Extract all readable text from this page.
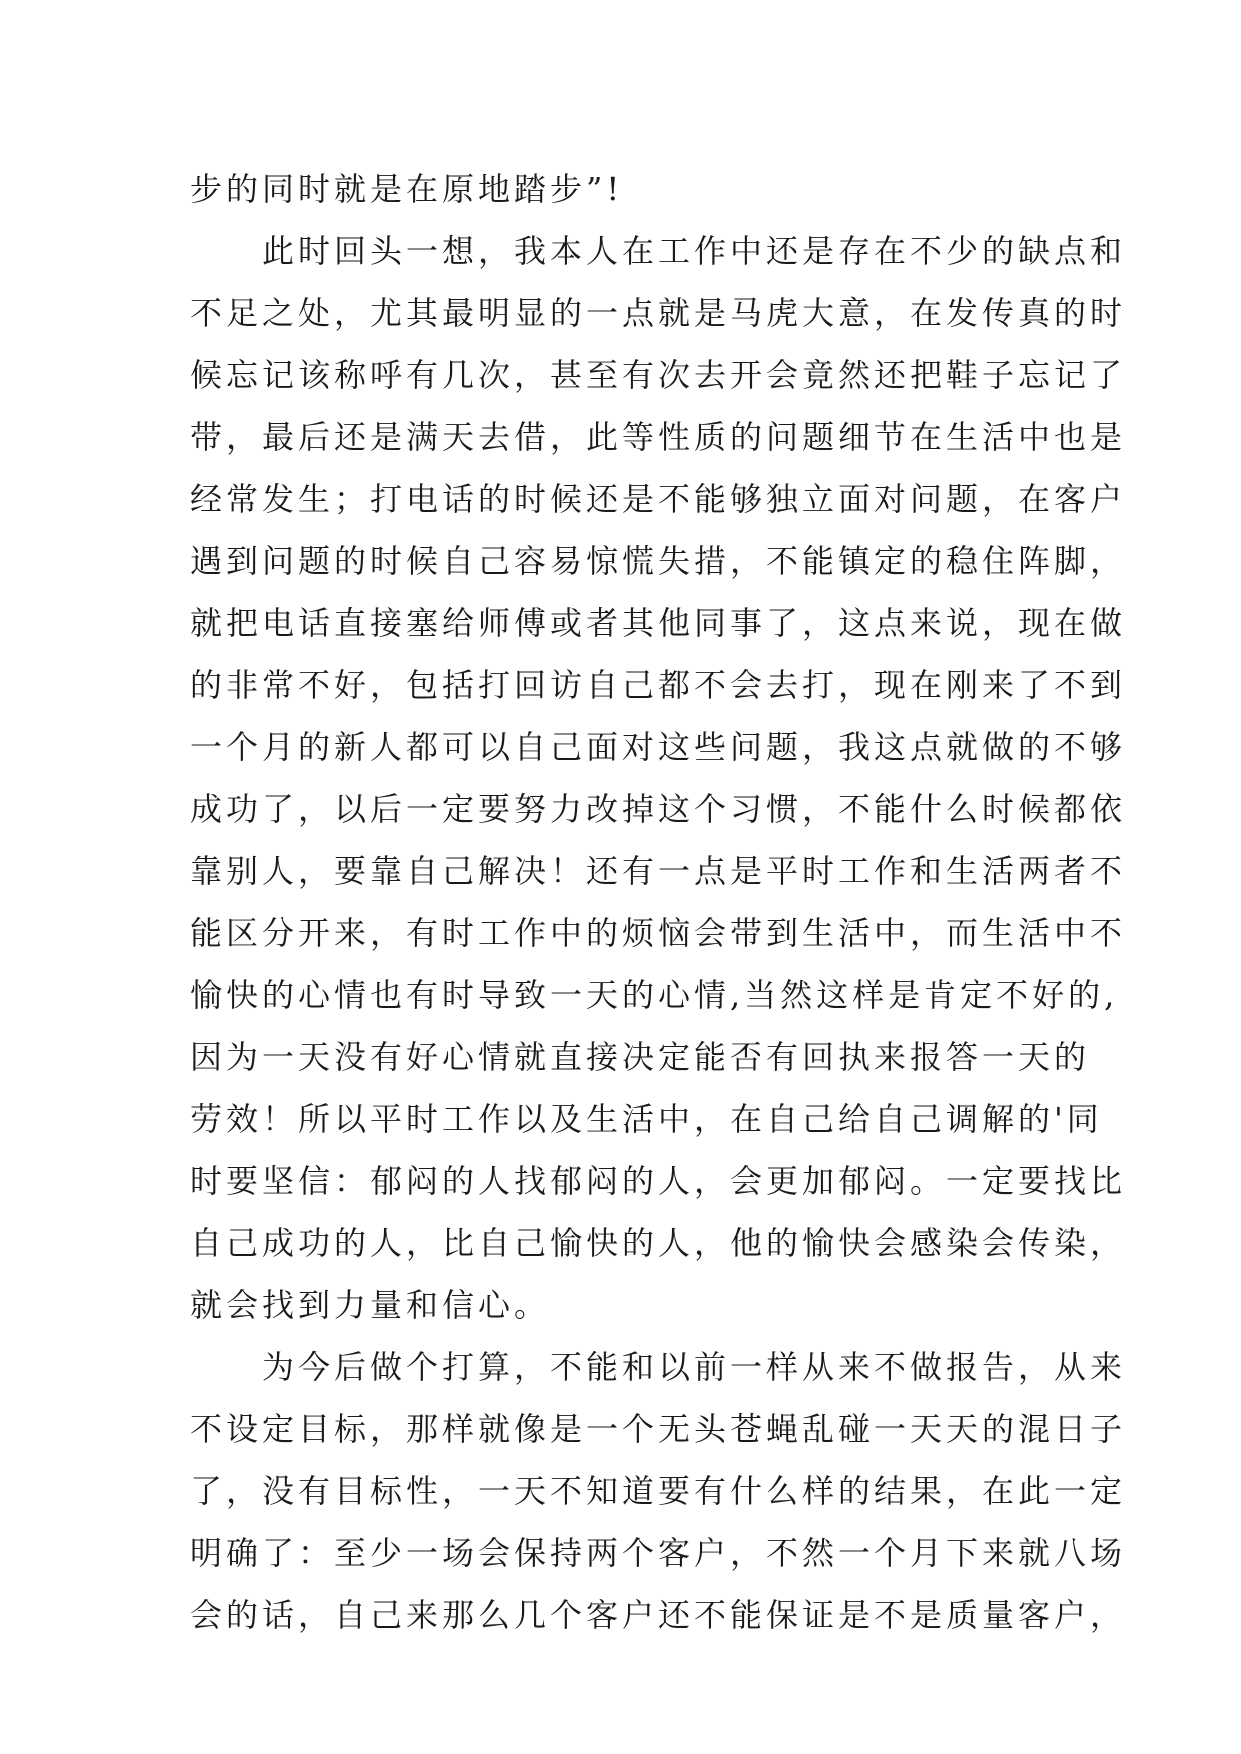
步的同时就是在原地踏步”!
此时回头一想，我本人在工作中还是存在不少的缺点和
不足之处，尤其最明显的一点就是马虎大意，在发传真的时
候忘记该称呼有几次，甚至有次去开会竟然还把鞋子忘记了
带，最后还是满天去借，此等性质的问题细节在生活中也是
经常发生；打电话的时候还是不能够独立面对问题，在客户
遇到问题的时候自己容易惊慌失措，不能镇定的稳住阵脚，
就把电话直接塞给师傅或者其他同事了，这点来说，现在做
的非常不好，包括打回访自己都不会去打，现在刚来了不到
一个月的新人都可以自己面对这些问题，我这点就做的不够
成功了，以后一定要努力改掉这个习惯，不能什么时候都依
靠别人，要靠自己解决！还有一点是平时工作和生活两者不
能区分开来，有时工作中的烦恼会带到生活中，而生活中不
愉快的心情也有时导致一天的心情,当然这样是肯定不好的,
因为一天没有好心情就直接决定能否有回执来报答一天的
劳效！所以平时工作以及生活中，在自己给自己调解的'同
时要坚信：郁闷的人找郁闷的人，会更加郁闷。一定要找比
自己成功的人，比自己愉快的人，他的愉快会感染会传染，
就会找到力量和信心。
为今后做个打算，不能和以前一样从来不做报告，从来
不设定目标，那样就像是一个无头苍蝇乱碰一天天的混日子
了，没有目标性，一天不知道要有什么样的结果，在此一定
明确了：至少一场会保持两个客户，不然一个月下来就八场
会的话，自己来那么几个客户还不能保证是不是质量客户，
